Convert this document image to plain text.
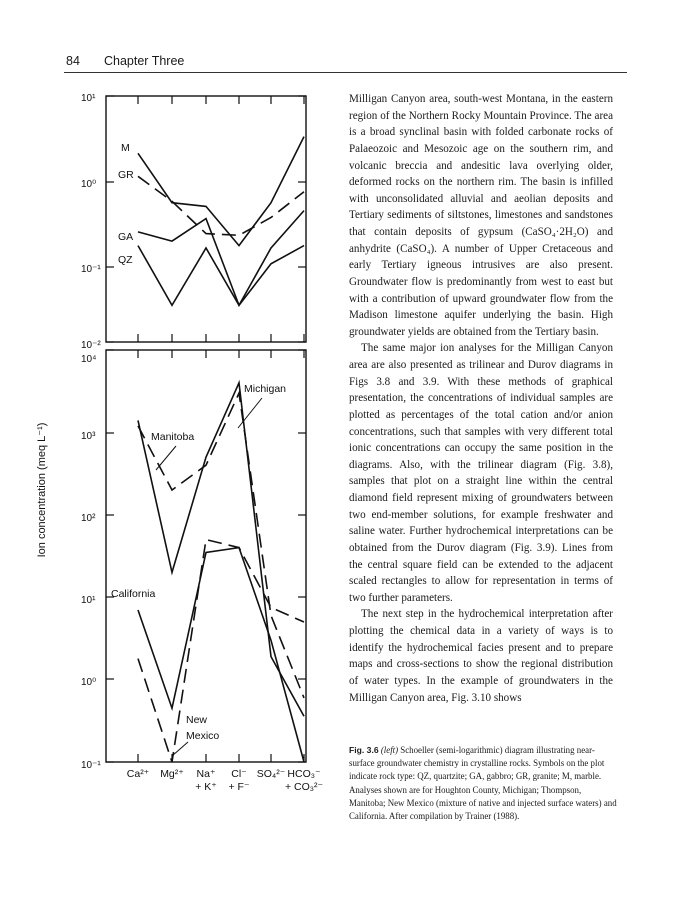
84 Chapter Three
10¹
10⁰
10⁻¹
10⁻²
10⁴
10³
10²
10¹
10⁰
10⁻¹
Ion concentration (meq L⁻¹)
M
GR
GA
QZ
Michigan
Manitoba
California
New
Mexico
Ca²⁺ Mg²⁺ Na⁺
+ K⁺
Cl⁻
+ F⁻
SO₄²⁻ HCO₃⁻
+ CO₃²⁻

Milligan Canyon area, south-west Montana, in the eastern region of the Northern Rocky Mountain Province. The area is a broad synclinal basin with folded carbonate rocks of Palaeozoic and Mesozoic age on the southern rim, and volcanic breccia and andesitic lava overlying older, deformed rocks on the northern rim. The basin is infilled with unconsolidated alluvial and aeolian deposits and Tertiary sediments of siltstones, limestones and sandstones that contain deposits of gypsum (CaSO₄·2H₂O) and anhydrite (CaSO₄). A number of Upper Cretaceous and early Tertiary igneous intrusives are also present. Groundwater flow is predominantly from west to east but with a contribution of upward groundwater flow from the Madison limestone aquifer underlying the basin. High groundwater yields are obtained from the Tertiary basin.

The same major ion analyses for the Milligan Canyon area are also presented as trilinear and Durov diagrams in Figs 3.8 and 3.9. With these methods of graphical presentation, the concentrations of individual samples are plotted as percentages of the total cation and/or anion concentrations, such that samples with very different total ionic concentrations can occupy the same position in the diagrams. Also, with the trilinear diagram (Fig. 3.8), samples that plot on a straight line within the central diamond field represent mixing of groundwaters between two end-member solutions, for example freshwater and saline water. Further hydrochemical interpretations can be obtained from the Durov diagram (Fig. 3.9). Lines from the central square field can be extended to the adjacent scaled rectangles to allow for representation in terms of two further parameters.

The next step in the hydrochemical interpretation after plotting the chemical data in a variety of ways is to identify the hydrochemical facies present and to prepare maps and cross-sections to show the regional distribution of water types. In the example of groundwaters in the Milligan Canyon area, Fig. 3.10 shows

Fig. 3.6 (left) Schoeller (semi-logarithmic) diagram illustrating near-surface groundwater chemistry in crystalline rocks. Symbols on the plot indicate rock type: QZ, quartzite; GA, gabbro; GR, granite; M, marble. Analyses shown are for Houghton County, Michigan; Thompson, Manitoba; New Mexico (mixture of native and injected surface waters) and California. After compilation by Trainer (1988).
